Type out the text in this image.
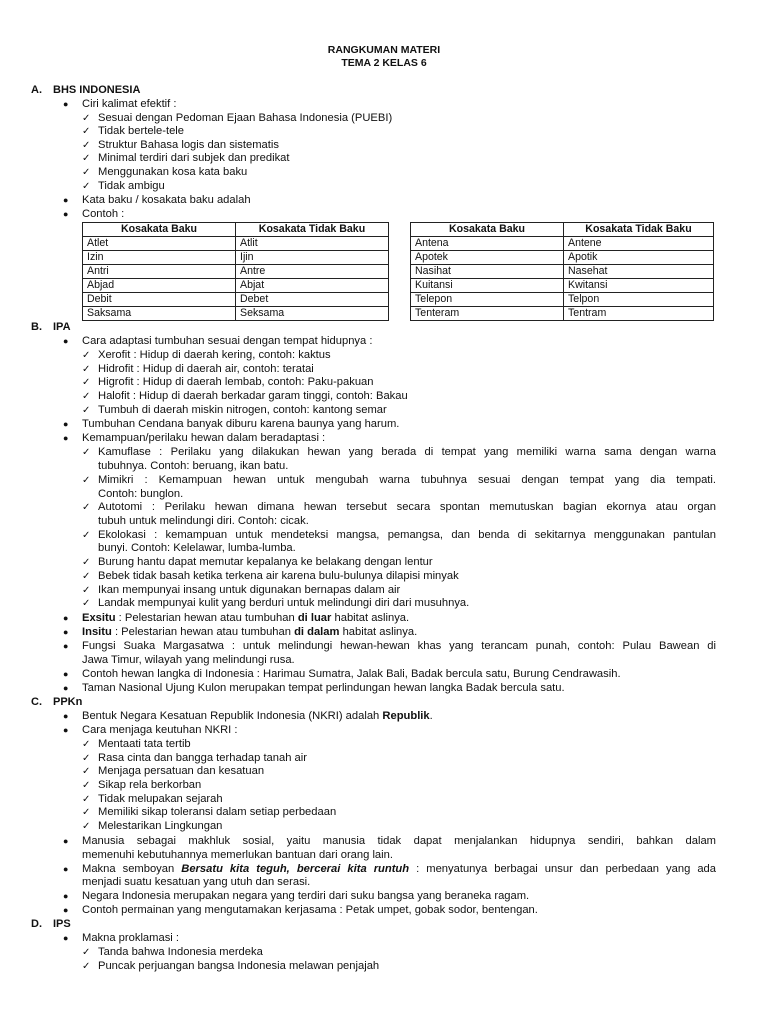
RANGKUMAN MATERI
TEMA 2 KELAS 6
A. BHS INDONESIA
● Ciri kalimat efektif :
✓ Sesuai dengan Pedoman Ejaan Bahasa Indonesia (PUEBI)
✓ Tidak bertele-tele
✓ Struktur Bahasa logis dan sistematis
✓ Minimal terdiri dari subjek dan predikat
✓ Menggunakan kosa kata baku
✓ Tidak ambigu
● Kata baku / kosakata baku adalah
● Contoh :
Kosakata Baku	Kosakata Tidak Baku
Atlet	Atlit
Izin	Ijin
Antri	Antre
Abjad	Abjat
Debit	Debet
Saksama	Seksama
Kosakata Baku	Kosakata Tidak Baku
Antena	Antene
Apotek	Apotik
Nasihat	Nasehat
Kuitansi	Kwitansi
Telepon	Telpon
Tenteram	Tentram
B. IPA
● Cara adaptasi tumbuhan sesuai dengan tempat hidupnya :
✓ Xerofit : Hidup di daerah kering, contoh: kaktus
✓ Hidrofit : Hidup di daerah air, contoh: teratai
✓ Higrofit : Hidup di daerah lembab, contoh: Paku-pakuan
✓ Halofit : Hidup di daerah berkadar garam tinggi, contoh: Bakau
✓ Tumbuh di daerah miskin nitrogen, contoh: kantong semar
● Tumbuhan Cendana banyak diburu karena baunya yang harum.
● Kemampuan/perilaku hewan dalam beradaptasi :
✓ Kamuflase : Perilaku yang dilakukan hewan yang berada di tempat yang memiliki warna sama dengan warna
tubuhnya. Contoh: beruang, ikan batu.
✓ Mimikri : Kemampuan hewan untuk mengubah warna tubuhnya sesuai dengan tempat yang dia tempati.
Contoh: bunglon.
✓ Autotomi : Perilaku hewan dimana hewan tersebut secara spontan memutuskan bagian ekornya atau organ
tubuh untuk melindungi diri. Contoh: cicak.
✓ Ekolokasi : kemampuan untuk mendeteksi mangsa, pemangsa, dan benda di sekitarnya menggunakan pantulan
bunyi. Contoh: Kelelawar, lumba-lumba.
✓ Burung hantu dapat memutar kepalanya ke belakang dengan lentur
✓ Bebek tidak basah ketika terkena air karena bulu-bulunya dilapisi minyak
✓ Ikan mempunyai insang untuk digunakan bernapas dalam air
✓ Landak mempunyai kulit yang berduri untuk melindungi diri dari musuhnya.
● Exsitu : Pelestarian hewan atau tumbuhan di luar habitat aslinya.
● Insitu : Pelestarian hewan atau tumbuhan di dalam habitat aslinya.
● Fungsi Suaka Margasatwa : untuk melindungi hewan-hewan khas yang terancam punah, contoh: Pulau Bawean di
Jawa Timur, wilayah yang melindungi rusa.
● Contoh hewan langka di Indonesia : Harimau Sumatra, Jalak Bali, Badak bercula satu, Burung Cendrawasih.
● Taman Nasional Ujung Kulon merupakan tempat perlindungan hewan langka Badak bercula satu.
C. PPKn
● Bentuk Negara Kesatuan Republik Indonesia (NKRI) adalah Republik.
● Cara menjaga keutuhan NKRI :
✓ Mentaati tata tertib
✓ Rasa cinta dan bangga terhadap tanah air
✓ Menjaga persatuan dan kesatuan
✓ Sikap rela berkorban
✓ Tidak melupakan sejarah
✓ Memiliki sikap toleransi dalam setiap perbedaan
✓ Melestarikan Lingkungan
● Manusia sebagai makhluk sosial, yaitu manusia tidak dapat menjalankan hidupnya sendiri, bahkan dalam
memenuhi kebutuhannya memerlukan bantuan dari orang lain.
● Makna semboyan Bersatu kita teguh, bercerai kita runtuh : menyatunya berbagai unsur dan perbedaan yang ada
menjadi suatu kesatuan yang utuh dan serasi.
● Negara Indonesia merupakan negara yang terdiri dari suku bangsa yang beraneka ragam.
● Contoh permainan yang mengutamakan kerjasama : Petak umpet, gobak sodor, bentengan.
D. IPS
● Makna proklamasi :
✓ Tanda bahwa Indonesia merdeka
✓ Puncak perjuangan bangsa Indonesia melawan penjajah
